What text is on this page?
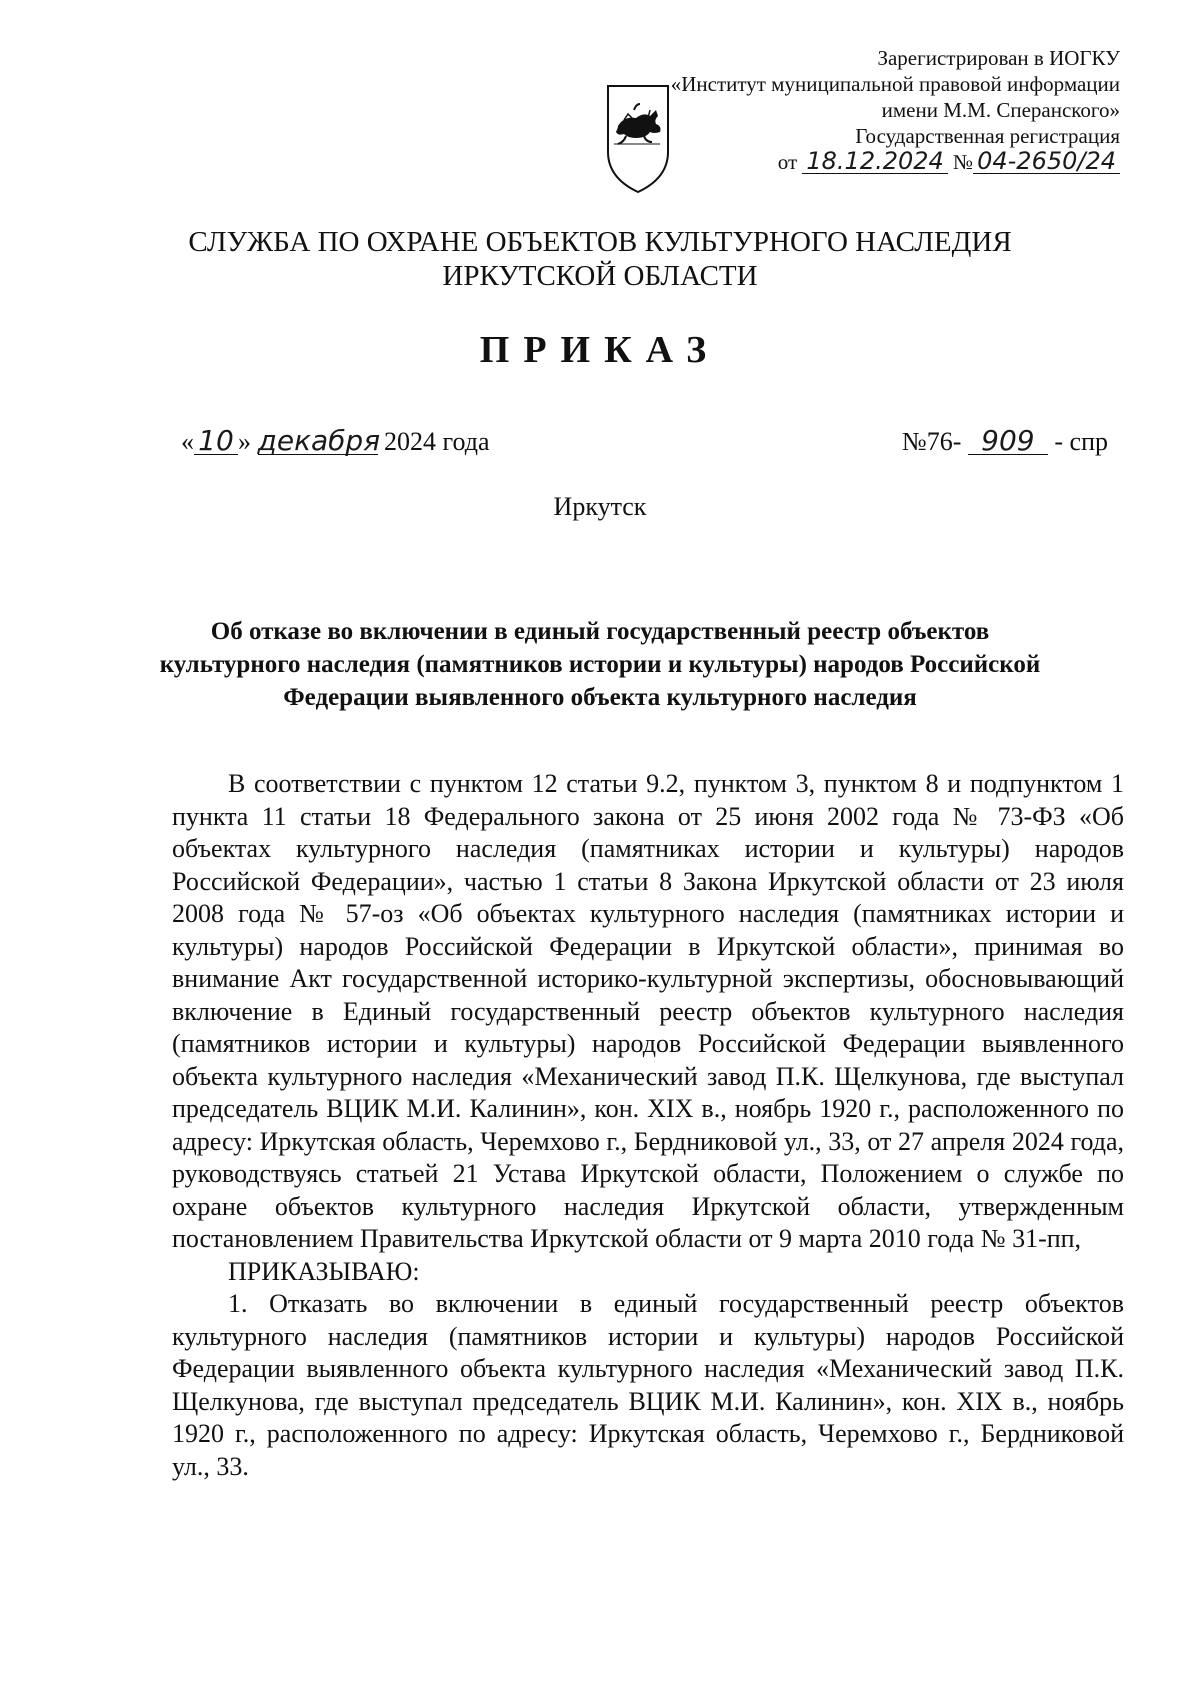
Зарегистрирован в ИОГКУ
«Институт муниципальной правовой информации
имени М.М. Сперанского»
Государственная регистрация
от 18.12.2024 № 04-2650/24
СЛУЖБА ПО ОХРАНЕ ОБЪЕКТОВ КУЛЬТУРНОГО НАСЛЕДИЯ
ИРКУТСКОЙ ОБЛАСТИ
ПРИКАЗ
« 10 » декабря 2024 года	№76- 909 - спр
Иркутск
Об отказе во включении в единый государственный реестр объектов культурного наследия (памятников истории и культуры) народов Российской Федерации выявленного объекта культурного наследия

В соответствии с пунктом 12 статьи 9.2, пунктом 3, пунктом 8 и подпунктом 1 пункта 11 статьи 18 Федерального закона от 25 июня 2002 года № 73-ФЗ «Об объектах культурного наследия (памятниках истории и культуры) народов Российской Федерации», частью 1 статьи 8 Закона Иркутской области от 23 июля 2008 года № 57-оз «Об объектах культурного наследия (памятниках истории и культуры) народов Российской Федерации в Иркутской области», принимая во внимание Акт государственной историко-культурной экспертизы, обосновывающий включение в Единый государственный реестр объектов культурного наследия (памятников истории и культуры) народов Российской Федерации выявленного объекта культурного наследия «Механический завод П.К. Щелкунова, где выступал председатель ВЦИК М.И. Калинин», кон. XIX в., ноябрь 1920 г., расположенного по адресу: Иркутская область, Черемхово г., Бердниковой ул., 33, от 27 апреля 2024 года, руководствуясь статьей 21 Устава Иркутской области, Положением о службе по охране объектов культурного наследия Иркутской области, утвержденным постановлением Правительства Иркутской области от 9 марта 2010 года № 31-пп,

ПРИКАЗЫВАЮ:

1. Отказать во включении в единый государственный реестр объектов культурного наследия (памятников истории и культуры) народов Российской Федерации выявленного объекта культурного наследия «Механический завод П.К. Щелкунова, где выступал председатель ВЦИК М.И. Калинин», кон. XIX в., ноябрь 1920 г., расположенного по адресу: Иркутская область, Черемхово г., Бердниковой ул., 33.
